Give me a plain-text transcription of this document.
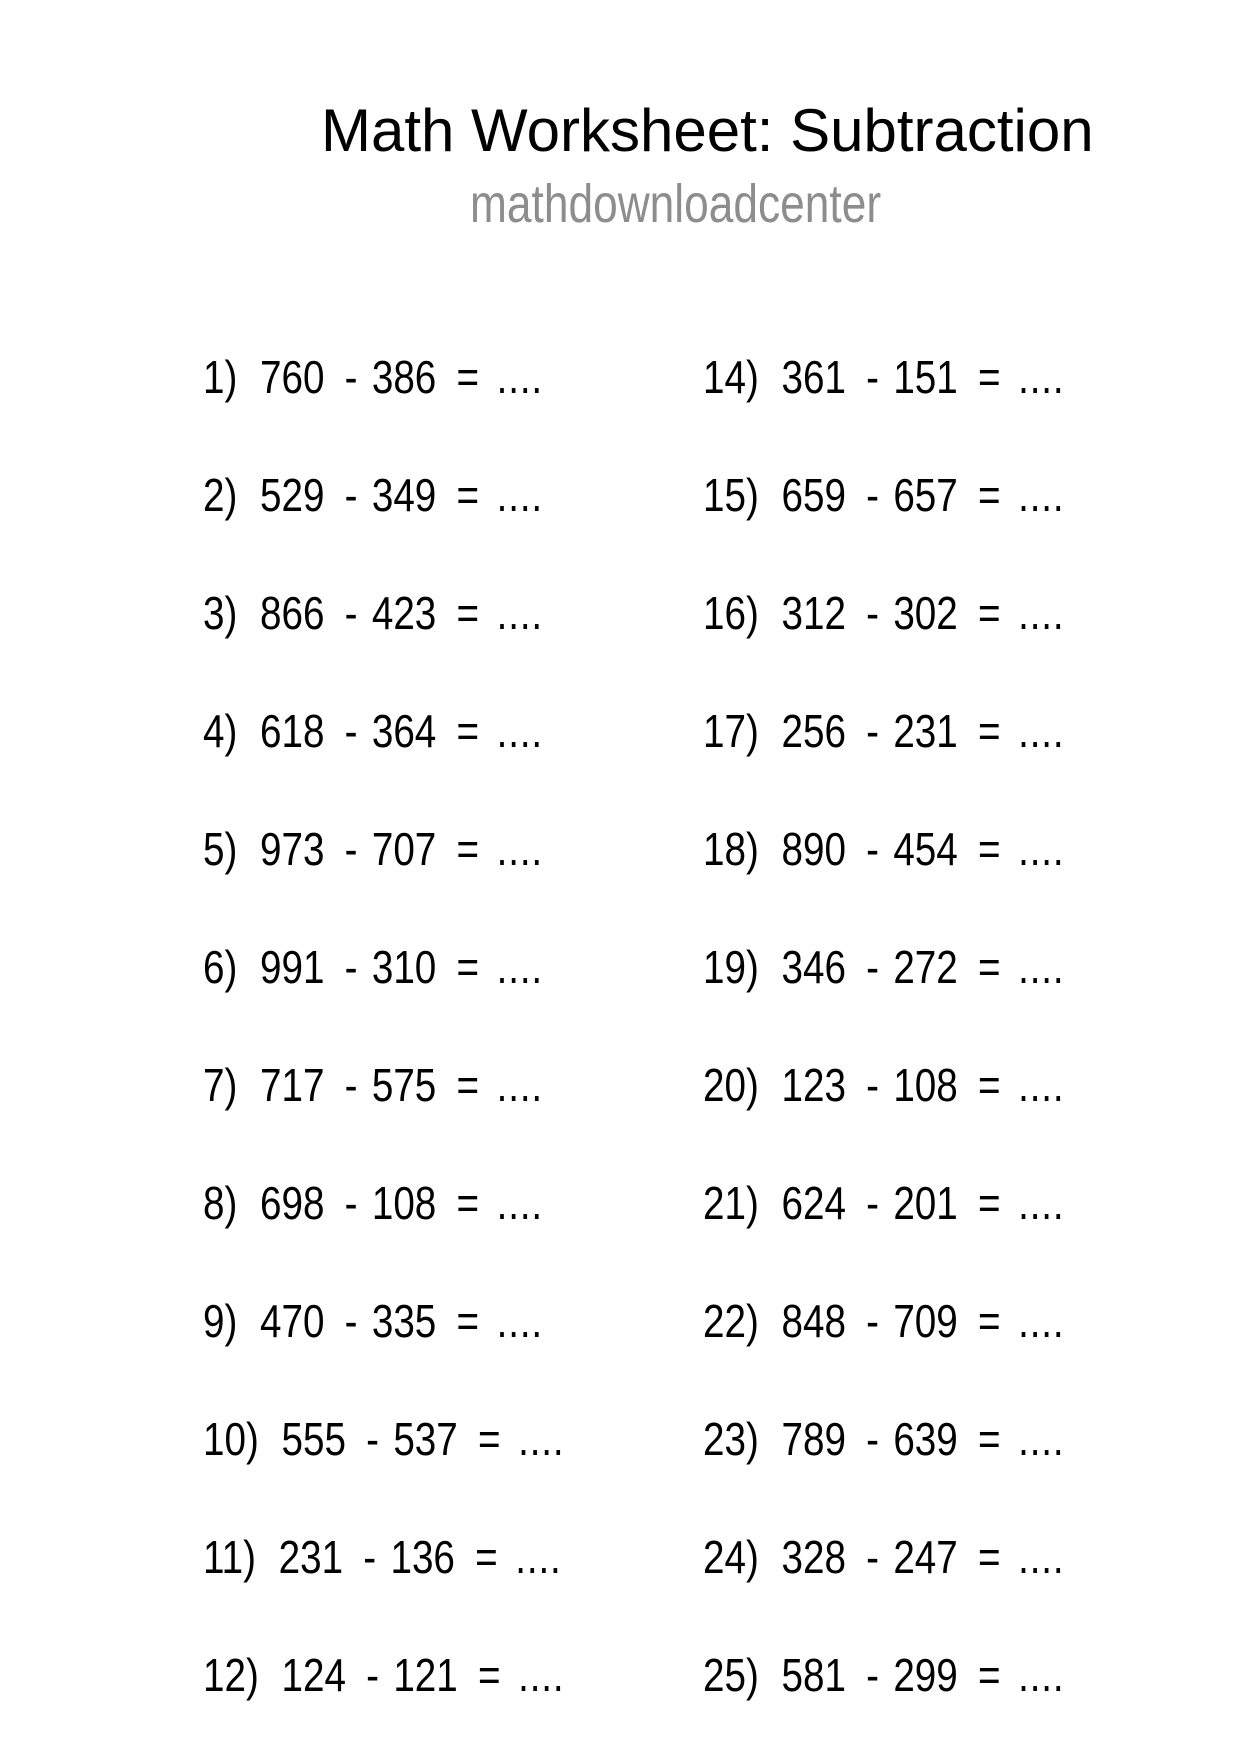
Math Worksheet: Subtraction
mathdownloadcenter
1) 760 - 386 = ....
2) 529 - 349 = ....
3) 866 - 423 = ....
4) 618 - 364 = ....
5) 973 - 707 = ....
6) 991 - 310 = ....
7) 717 - 575 = ....
8) 698 - 108 = ....
9) 470 - 335 = ....
10) 555 - 537 = ....
11) 231 - 136 = ....
12) 124 - 121 = ....
14) 361 - 151 = ....
15) 659 - 657 = ....
16) 312 - 302 = ....
17) 256 - 231 = ....
18) 890 - 454 = ....
19) 346 - 272 = ....
20) 123 - 108 = ....
21) 624 - 201 = ....
22) 848 - 709 = ....
23) 789 - 639 = ....
24) 328 - 247 = ....
25) 581 - 299 = ....
